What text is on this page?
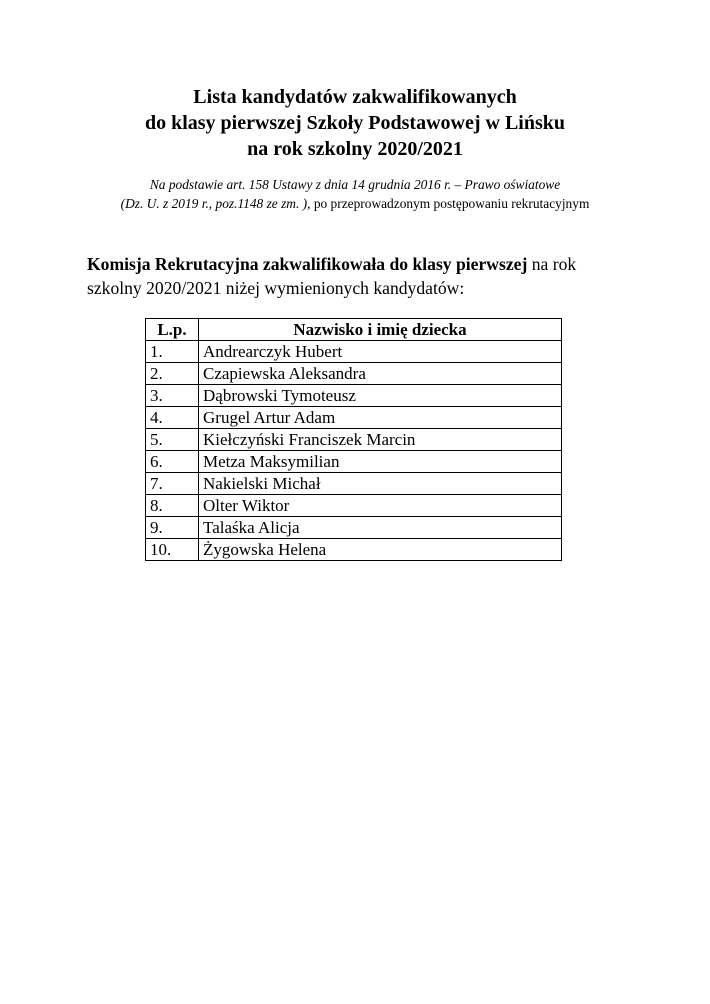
Lista kandydatów zakwalifikowanych
do klasy pierwszej Szkoły Podstawowej w Lińsku
na rok szkolny 2020/2021
Na podstawie art. 158 Ustawy z dnia 14 grudnia 2016 r. – Prawo oświatowe
(Dz. U. z 2019 r., poz.1148 ze zm. ), po przeprowadzonym postępowaniu rekrutacyjnym
Komisja Rekrutacyjna zakwalifikowała do klasy pierwszej na rok
szkolny 2020/2021 niżej wymienionych kandydatów:
L.p.	Nazwisko i imię dziecka
1.	Andrearczyk Hubert
2.	Czapiewska Aleksandra
3.	Dąbrowski Tymoteusz
4.	Grugel Artur Adam
5.	Kiełczyński Franciszek Marcin
6.	Metza Maksymilian
7.	Nakielski Michał
8.	Olter Wiktor
9.	Talaśka Alicja
10.	Żygowska Helena
